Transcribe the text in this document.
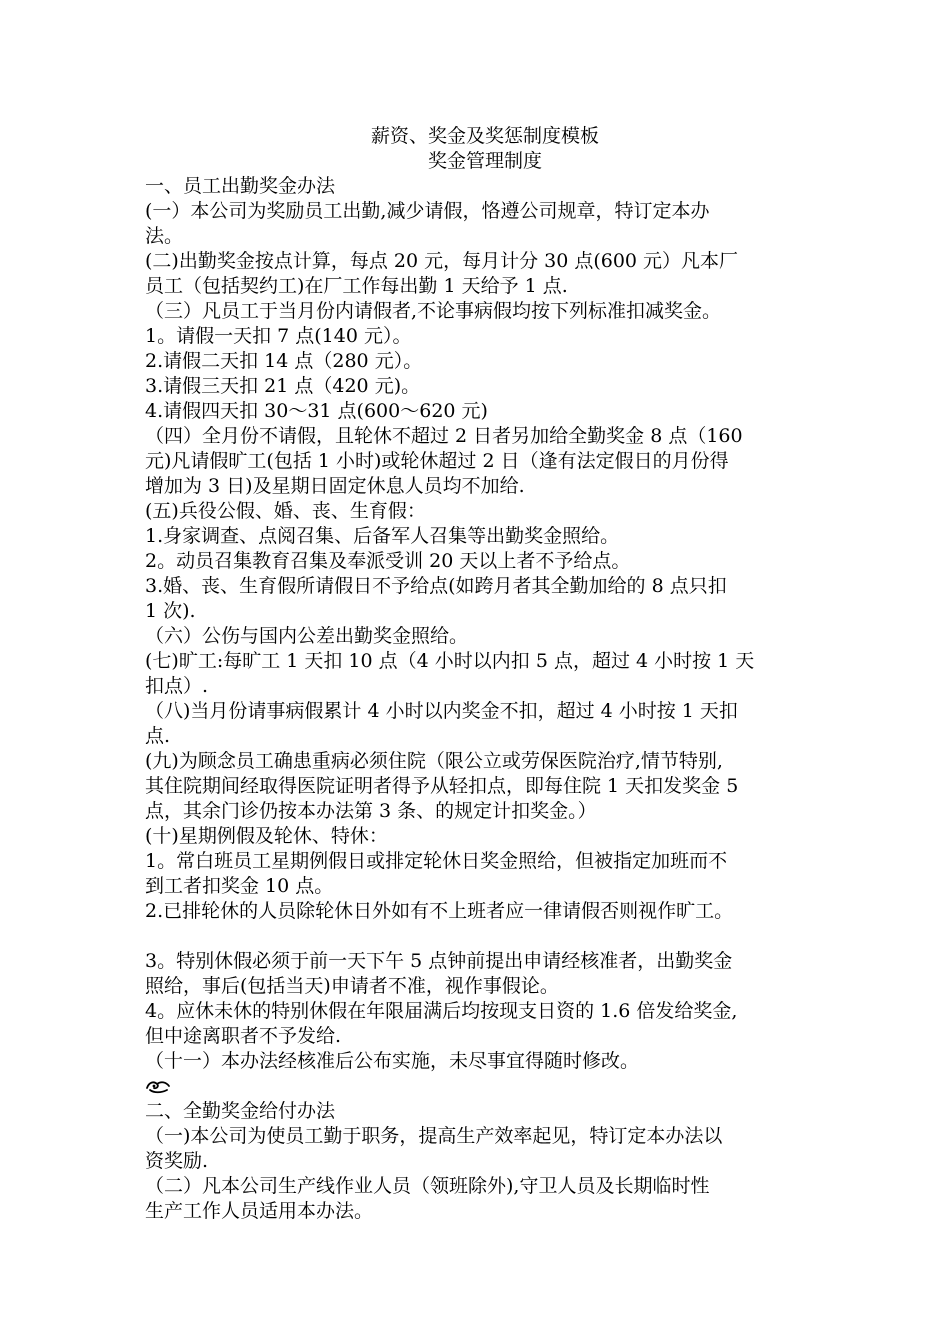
薪资、奖金及奖惩制度模板

奖金管理制度

一、员工出勤奖金办法

(一）本公司为奖励员工出勤,减少请假，恪遵公司规章，特订定本办

法。

(二)出勤奖金按点计算，每点 20 元，每月计分 30 点(600 元）凡本厂

员工（包括契约工)在厂工作每出勤 1 天给予 1 点.

（三）凡员工于当月份内请假者,不论事病假均按下列标准扣减奖金。

1。请假一天扣 7 点(140 元）。

2.请假二天扣 14 点（280 元）。

3.请假三天扣 21 点（420 元)。

4.请假四天扣 30～31 点(600～620 元)

（四）全月份不请假，且轮休不超过 2 日者另加给全勤奖金 8 点（160

元)凡请假旷工(包括 1 小时)或轮休超过 2 日（逢有法定假日的月份得

增加为 3 日)及星期日固定休息人员均不加给.

(五)兵役公假、婚、丧、生育假：

1.身家调查、点阅召集、后备军人召集等出勤奖金照给。

2。动员召集教育召集及奉派受训 20 天以上者不予给点。

3.婚、丧、生育假所请假日不予给点(如跨月者其全勤加给的 8 点只扣

1 次).

（六）公伤与国内公差出勤奖金照给。

(七)旷工:每旷工 1 天扣 10 点（4 小时以内扣 5 点，超过 4 小时按 1 天

扣点）.

（八)当月份请事病假累计 4 小时以内奖金不扣，超过 4 小时按 1 天扣

点.

(九)为顾念员工确患重病必须住院（限公立或劳保医院治疗,情节特别,

其住院期间经取得医院证明者得予从轻扣点，即每住院 1 天扣发奖金 5

点，其余门诊仍按本办法第 3 条、的规定计扣奖金。）

(十)星期例假及轮休、特休：

1。常白班员工星期例假日或排定轮休日奖金照给，但被指定加班而不

到工者扣奖金 10 点。

2.已排轮休的人员除轮休日外如有不上班者应一律请假否则视作旷工。

3。特别休假必须于前一天下午 5 点钟前提出申请经核准者，出勤奖金

照给，事后(包括当天)申请者不准，视作事假论。

4。应休未休的特别休假在年限届满后均按现支日资的 1.6 倍发给奖金,

但中途离职者不予发给.

（十一）本办法经核准后公布实施，未尽事宜得随时修改。

二、全勤奖金给付办法

（一)本公司为使员工勤于职务，提高生产效率起见，特订定本办法以

资奖励.

（二）凡本公司生产线作业人员（领班除外),守卫人员及长期临时性

生产工作人员适用本办法。
